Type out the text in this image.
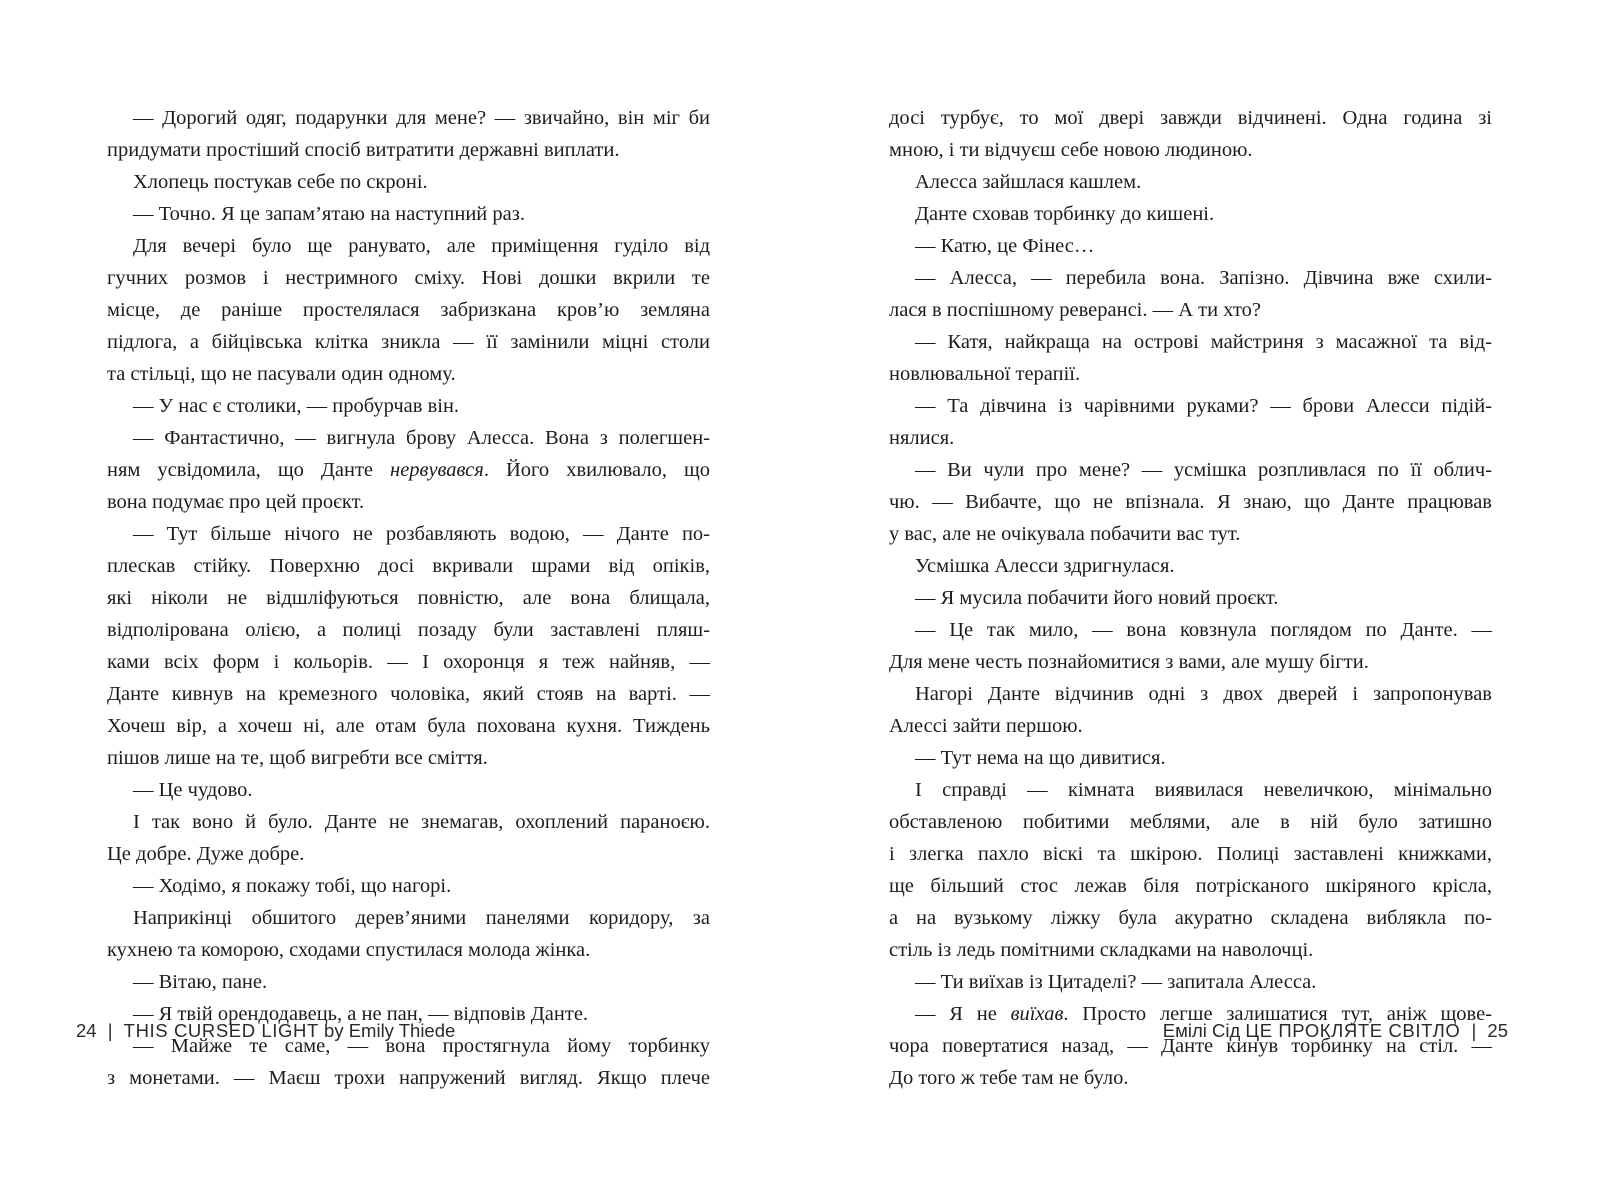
— Дорогий одяг, подарунки для мене? — звичайно, він міг би
придумати простіший спосіб витратити державні виплати.
Хлопець постукав себе по скроні.
— Точно. Я це запам’ятаю на наступний раз.
Для вечері було ще ранувато, але приміщення гуділо від
гучних розмов і нестримного сміху. Нові дошки вкрили те
місце, де раніше простелялася забризкана кров’ю земляна
підлога, а бійцівська клітка зникла — її замінили міцні столи
та стільці, що не пасували один одному.
— У нас є столики, — пробурчав він.
— Фантастично, — вигнула брову Алесса. Вона з полегшен-
ням усвідомила, що Данте нервувався. Його хвилювало, що
вона подумає про цей проєкт.
— Тут більше нічого не розбавляють водою, — Данте по-
плескав стійку. Поверхню досі вкривали шрами від опіків,
які ніколи не відшліфуються повністю, але вона блищала,
відполірована олією, а полиці позаду були заставлені пляш-
ками всіх форм і кольорів. — І охоронця я теж найняв, —
Данте кивнув на кремезного чоловіка, який стояв на варті. —
Хочеш вір, а хочеш ні, але отам була похована кухня. Тиждень
пішов лише на те, щоб вигребти все сміття.
— Це чудово.
І так воно й було. Данте не знемагав, охоплений параноєю.
Це добре. Дуже добре.
— Ходімо, я покажу тобі, що нагорі.
Наприкінці обшитого дерев’яними панелями коридору, за
кухнею та коморою, сходами спустилася молода жінка.
— Вітаю, пане.
— Я твій орендодавець, а не пан, — відповів Данте.
— Майже те саме, — вона простягнула йому торбинку
з монетами. — Маєш трохи напружений вигляд. Якщо плече
24 | THIS CURSED LIGHT by Emily Thiede
досі турбує, то мої двері завжди відчинені. Одна година зі
мною, і ти відчуєш себе новою людиною.
Алесса зайшлася кашлем.
Данте сховав торбинку до кишені.
— Катю, це Фінес…
— Алесса, — перебила вона. Запізно. Дівчина вже схили-
лася в поспішному реверансі. — А ти хто?
— Катя, найкраща на острові майстриня з масажної та від-
новлювальної терапії.
— Та дівчина із чарівними руками? — брови Алесси підій-
нялися.
— Ви чули про мене? — усмішка розпливлася по її облич-
чю. — Вибачте, що не впізнала. Я знаю, що Данте працював
у вас, але не очікувала побачити вас тут.
Усмішка Алесси здригнулася.
— Я мусила побачити його новий проєкт.
— Це так мило, — вона ковзнула поглядом по Данте. —
Для мене честь познайомитися з вами, але мушу бігти.
Нагорі Данте відчинив одні з двох дверей і запропонував
Алессі зайти першою.
— Тут нема на що дивитися.
І справді — кімната виявилася невеличкою, мінімально
обставленою побитими меблями, але в ній було затишно
і злегка пахло віскі та шкірою. Полиці заставлені книжками,
ще більший стос лежав біля потрісканого шкіряного крісла,
а на вузькому ліжку була акуратно складена виблякла по-
стіль із ледь помітними складками на наволочці.
— Ти виїхав із Цитаделі? — запитала Алесса.
— Я не виїхав. Просто легше залишатися тут, аніж щове-
чора повертатися назад, — Данте кинув торбинку на стіл. —
До того ж тебе там не було.
Емілі Сід ЦЕ ПРОКЛЯТЕ СВІТЛО | 25
